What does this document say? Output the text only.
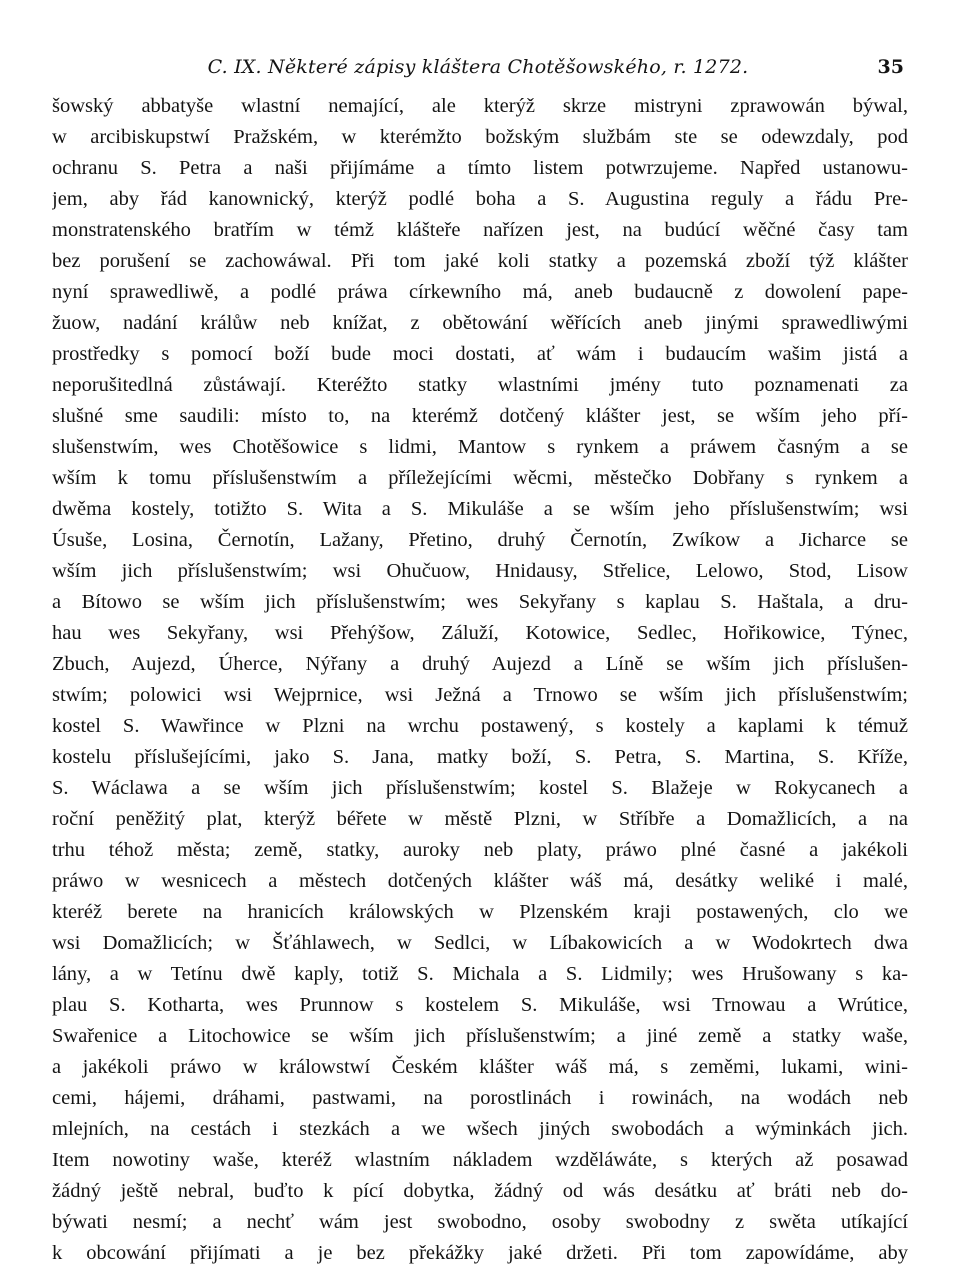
C. IX. Některé zápisy kláštera Chotěšowského, r. 1272.	35
šowský abbatyše wlastní nemající, ale kterýž skrze mistryni zprawowán býwal,
w arcibiskupstwí Pražském, w kterémžto božským službám ste se odewzdaly, pod
ochranu S. Petra a naši přijímáme a tímto listem potwrzujeme. Napřed ustanowu-
jem, aby řád kanownický, kterýž podlé boha a S. Augustina reguly a řádu Pre-
monstratenského bratřím w témž klášteře nařízen jest, na budúcí wěčné časy tam
bez porušení se zachowáwal. Při tom jaké koli statky a pozemská zboží týž klášter
nyní sprawedliwě, a podlé práwa církewního má, aneb budaucně z dowolení pape-
žuow, nadání králůw neb knížat, z obětowání wěřících aneb jinými sprawedliwými
prostředky s pomocí boží bude moci dostati, ať wám i budaucím wašim jistá a
neporušitedlná zůstáwají. Kteréžto statky wlastními jmény tuto poznamenati za
slušné sme saudili: místo to, na kterémž dotčený klášter jest, se wším jeho pří-
slušenstwím, wes Chotěšowice s lidmi, Mantow s rynkem a práwem časným a se
wším k tomu příslušenstwím a příležejícími wěcmi, městečko Dobřany s rynkem a
dwěma kostely, totižto S. Wita a S. Mikuláše a se wším jeho příslušenstwím; wsi
Úsuše, Losina, Černotín, Lažany, Přetino, druhý Černotín, Zwíkow a Jicharce se
wším jich příslušenstwím; wsi Ohučuow, Hnidausy, Střelice, Lelowo, Stod, Lisow
a Bítowo se wším jich příslušenstwím; wes Sekyřany s kaplau S. Haštala, a dru-
hau wes Sekyřany, wsi Přehýšow, Záluží, Kotowice, Sedlec, Hořikowice, Týnec,
Zbuch, Aujezd, Úherce, Nýřany a druhý Aujezd a Líně se wším jich příslušen-
stwím; polowici wsi Wejprnice, wsi Ježná a Trnowo se wším jich příslušenstwím;
kostel S. Wawřince w Plzni na wrchu postawený, s kostely a kaplami k témuž
kostelu příslušejícími, jako S. Jana, matky boží, S. Petra, S. Martina, S. Kříže,
S. Wáclawa a se wším jich příslušenstwím; kostel S. Blažeje w Rokycanech a
roční peněžitý plat, kterýž béřete w městě Plzni, w Stříbře a Domažlicích, a na
trhu téhož města; země, statky, auroky neb platy, práwo plné časné a jakékoli
práwo w wesnicech a městech dotčených klášter wáš má, desátky weliké i malé,
kteréž berete na hranicích králowských w Plzenském kraji postawených, clo we
wsi Domažlicích; w Šťáhlawech, w Sedlci, w Líbakowicích a w Wodokrtech dwa
lány, a w Tetínu dwě kaply, totiž S. Michala a S. Lidmily; wes Hrušowany s ka-
plau S. Kotharta, wes Prunnow s kostelem S. Mikuláše, wsi Trnowau a Wrútice,
Swařenice a Litochowice se wším jich příslušenstwím; a jiné země a statky waše,
a jakékoli práwo w králowstwí Českém klášter wáš má, s zeměmi, lukami, wini-
cemi, hájemi, dráhami, pastwami, na porostlinách i rowinách, na wodách neb
mlejních, na cestách i stezkách a we wšech jiných swobodách a wýminkách jich.
Item nowotiny waše, kteréž wlastním nákladem wzděláwáte, s kterých až posawad
žádný ještě nebral, buďto k pící dobytka, žádný od wás desátku ať bráti neb do-
býwati nesmí; a nechť wám jest swobodno, osoby swobodny z swěta utíkající
k obcowání přijímati a je bez překážky jaké držeti. Při tom zapowídáme, aby
